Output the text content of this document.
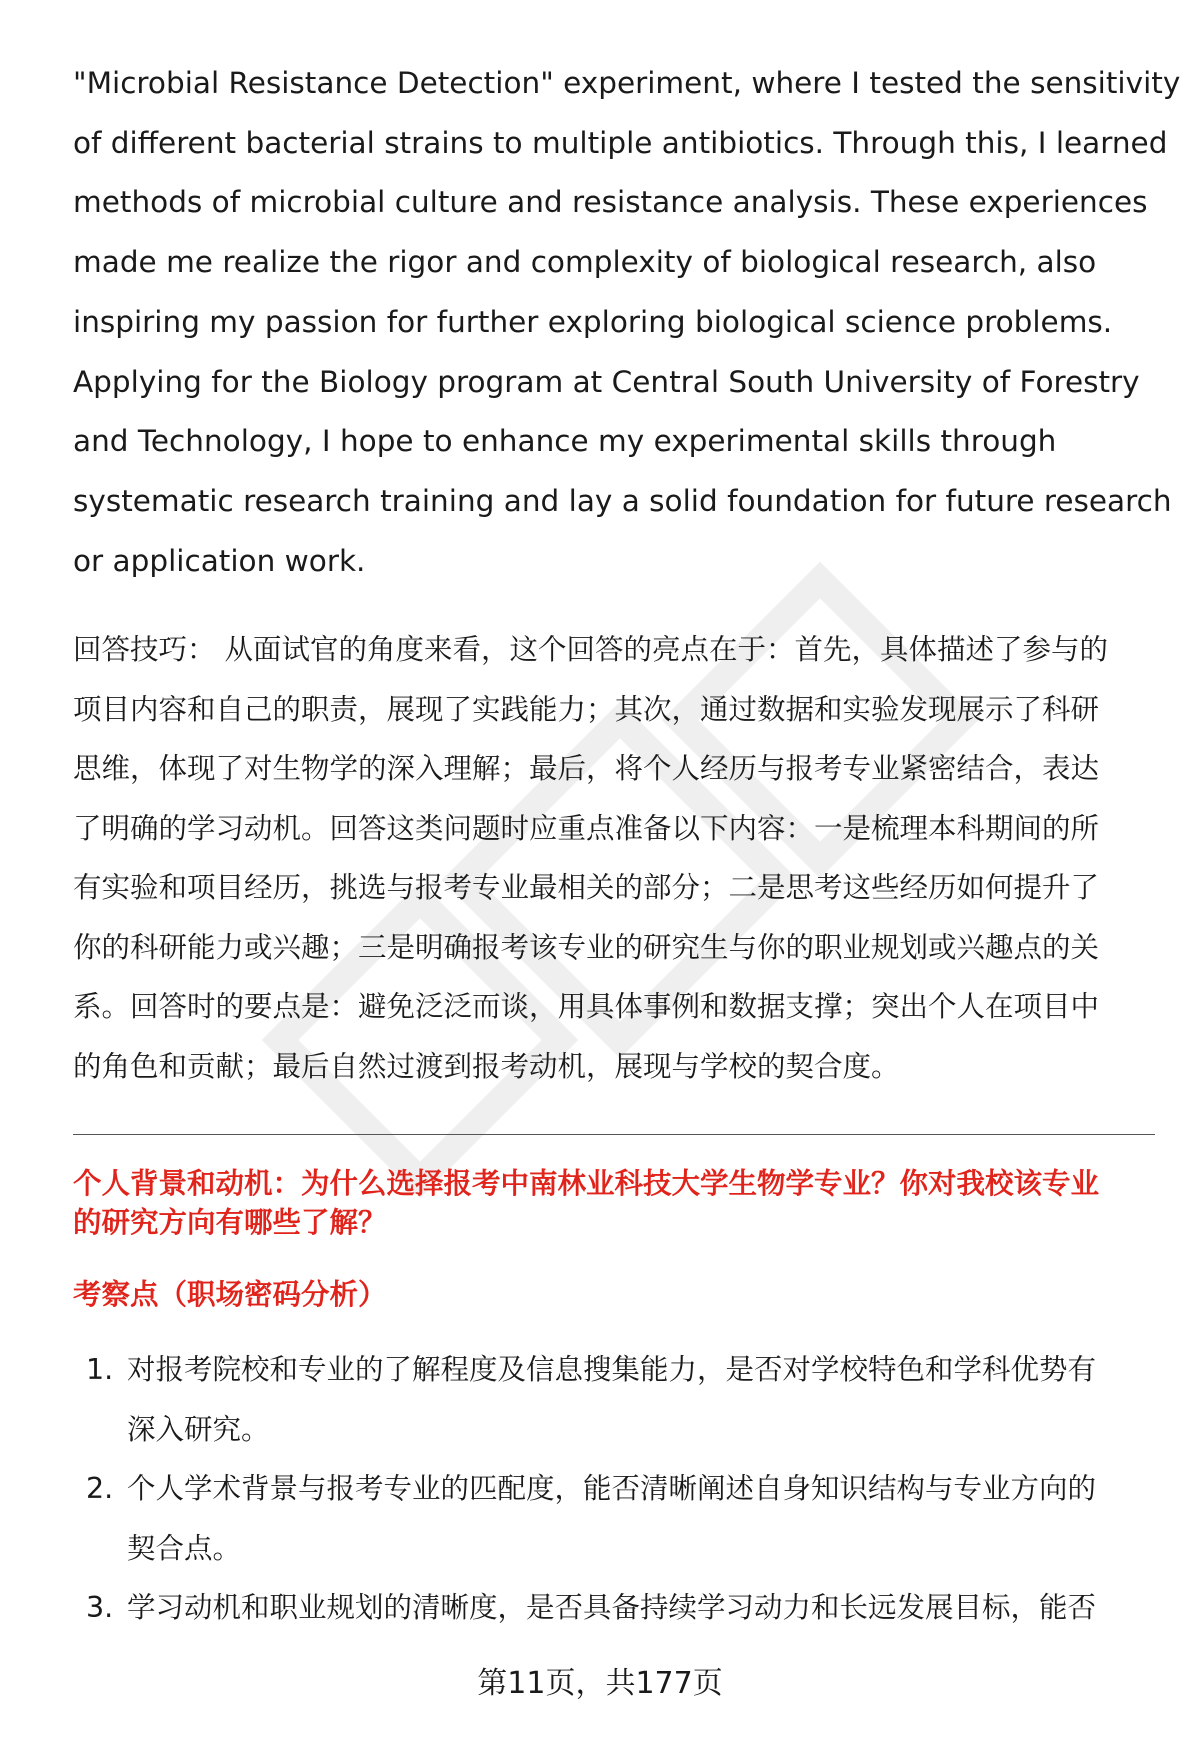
"Microbial Resistance Detection" experiment, where I tested the sensitivity
of different bacterial strains to multiple antibiotics. Through this, I learned
methods of microbial culture and resistance analysis. These experiences
made me realize the rigor and complexity of biological research, also
inspiring my passion for further exploring biological science problems.
Applying for the Biology program at Central South University of Forestry
and Technology, I hope to enhance my experimental skills through
systematic research training and lay a solid foundation for future research
or application work.
回答技巧： 从面试官的角度来看，这个回答的亮点在于：首先，具体描述了参与的
项目内容和自己的职责，展现了实践能力；其次，通过数据和实验发现展示了科研
思维，体现了对生物学的深入理解；最后，将个人经历与报考专业紧密结合，表达
了明确的学习动机。回答这类问题时应重点准备以下内容：一是梳理本科期间的所
有实验和项目经历，挑选与报考专业最相关的部分；二是思考这些经历如何提升了
你的科研能力或兴趣；三是明确报考该专业的研究生与你的职业规划或兴趣点的关
系。回答时的要点是：避免泛泛而谈，用具体事例和数据支撑；突出个人在项目中
的角色和贡献；最后自然过渡到报考动机，展现与学校的契合度。
个人背景和动机：为什么选择报考中南林业科技大学生物学专业？你对我校该专业
的研究方向有哪些了解？
考察点（职场密码分析）
1. 对报考院校和专业的了解程度及信息搜集能力，是否对学校特色和学科优势有
深入研究。
2. 个人学术背景与报考专业的匹配度，能否清晰阐述自身知识结构与专业方向的
契合点。
3. 学习动机和职业规划的清晰度，是否具备持续学习动力和长远发展目标，能否
第11页，共177页
